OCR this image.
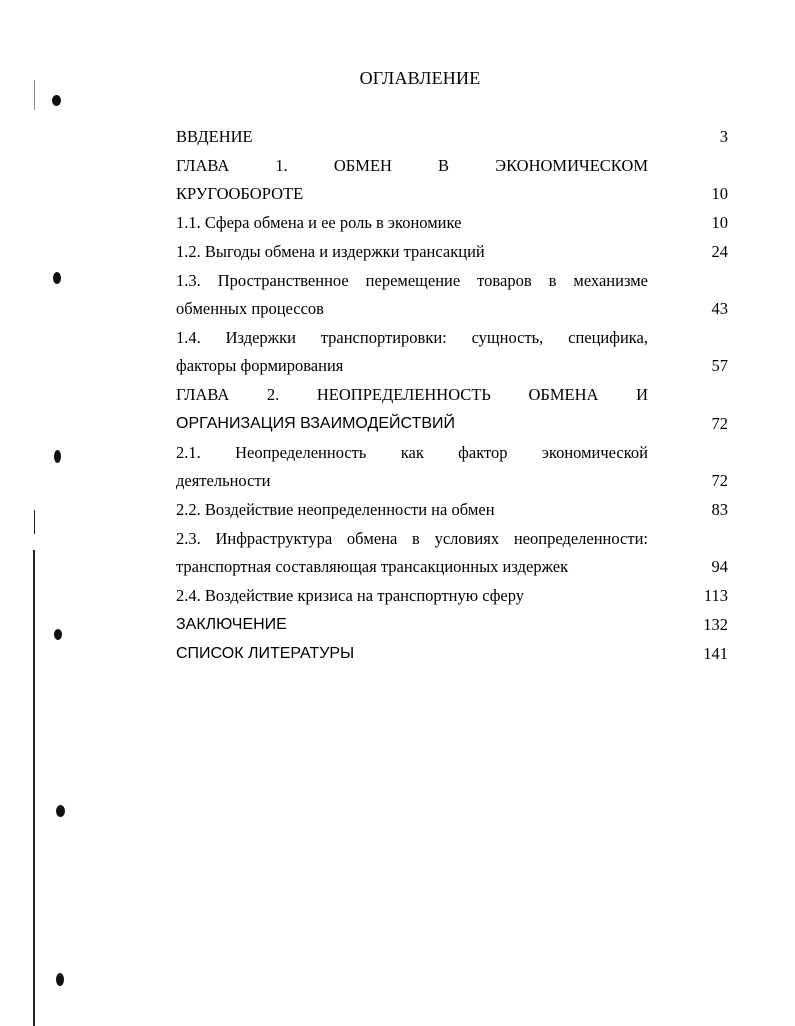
ОГЛАВЛЕНИЕ
ВВДЕНИЕ	3
ГЛАВА 1. ОБМЕН В ЭКОНОМИЧЕСКОМ
КРУГООБОРОТЕ	10
1.1. Сфера обмена и ее роль в экономике	10
1.2. Выгоды обмена и издержки трансакций	24
1.3. Пространственное перемещение товаров в механизме
обменных процессов	43
1.4. Издержки транспортировки: сущность, специфика,
факторы формирования	57
ГЛАВА 2. НЕОПРЕДЕЛЕННОСТЬ ОБМЕНА И
ОРГАНИЗАЦИЯ ВЗАИМОДЕЙСТВИЙ	72
2.1. Неопределенность как фактор экономической
деятельности	72
2.2. Воздействие неопределенности на обмен	83
2.3. Инфраструктура обмена в условиях неопределенности:
транспортная составляющая трансакционных издержек	94
2.4. Воздействие кризиса на транспортную сферу	113
ЗАКЛЮЧЕНИЕ	132
СПИСОК ЛИТЕРАТУРЫ	141
